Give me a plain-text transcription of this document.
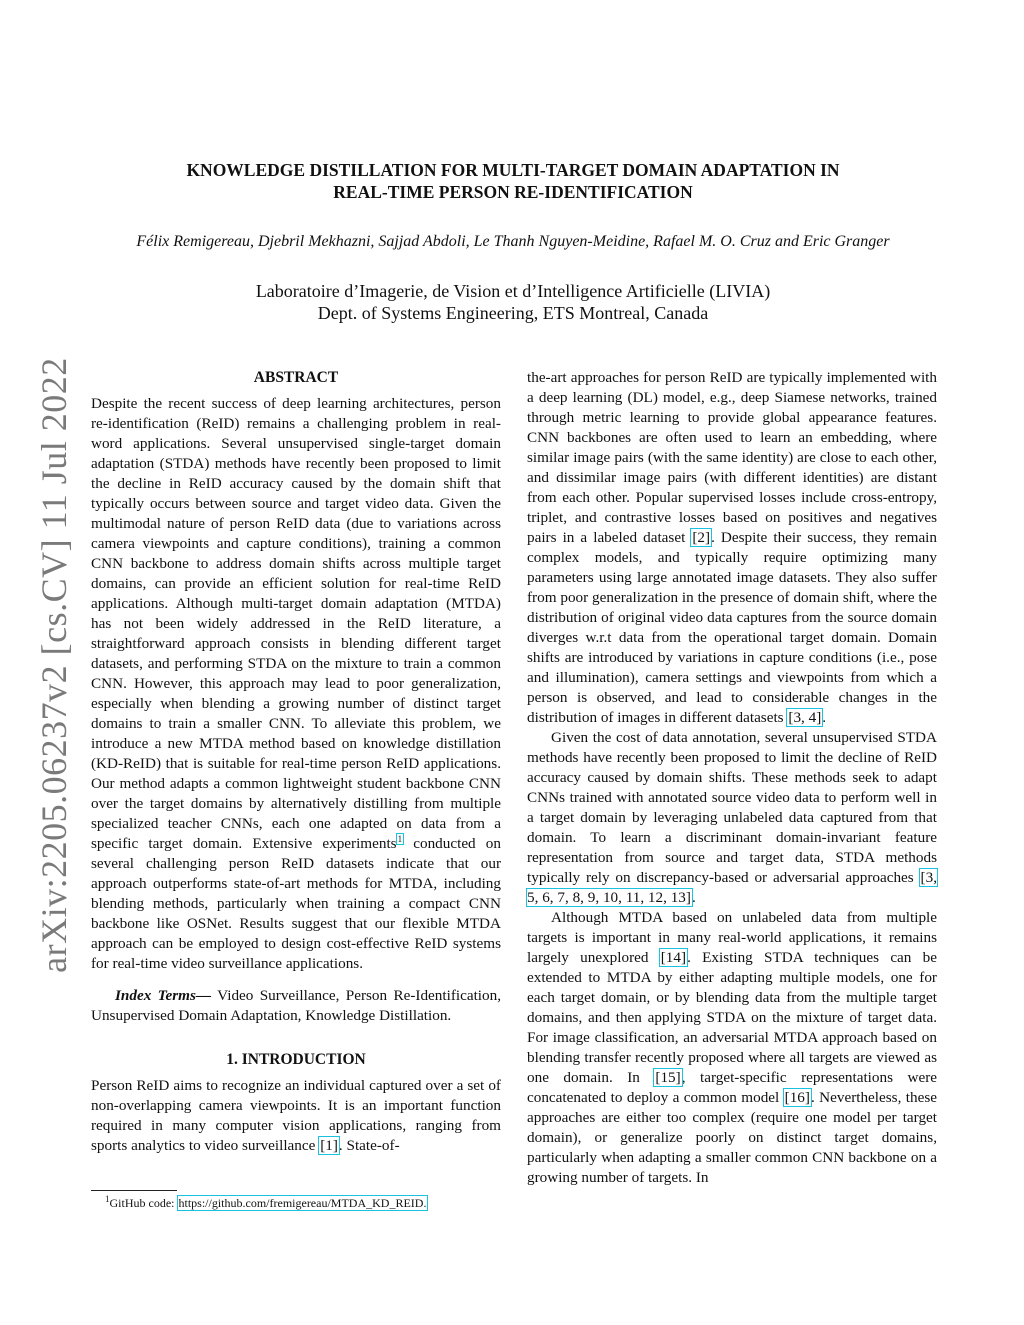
arXiv:2205.06237v2 [cs.CV] 11 Jul 2022
KNOWLEDGE DISTILLATION FOR MULTI-TARGET DOMAIN ADAPTATION IN
REAL-TIME PERSON RE-IDENTIFICATION
Félix Remigereau, Djebril Mekhazni, Sajjad Abdoli, Le Thanh Nguyen-Meidine, Rafael M. O. Cruz and Eric Granger
Laboratoire d’Imagerie, de Vision et d’Intelligence Artificielle (LIVIA)
Dept. of Systems Engineering, ETS Montreal, Canada
ABSTRACT

Despite the recent success of deep learning architectures, person re-identification (ReID) remains a challenging problem in real-word applications. Several unsupervised single-target domain adaptation (STDA) methods have recently been proposed to limit the decline in ReID accuracy caused by the domain shift that typically occurs between source and target video data. Given the multimodal nature of person ReID data (due to variations across camera viewpoints and capture conditions), training a common CNN backbone to address domain shifts across multiple target domains, can provide an efficient solution for real-time ReID applications. Although multi-target domain adaptation (MTDA) has not been widely addressed in the ReID literature, a straightforward approach consists in blending different target datasets, and performing STDA on the mixture to train a common CNN. However, this approach may lead to poor generalization, especially when blending a growing number of distinct target domains to train a smaller CNN. To alleviate this problem, we introduce a new MTDA method based on knowledge distillation (KD-ReID) that is suitable for real-time person ReID applications. Our method adapts a common lightweight student backbone CNN over the target domains by alternatively distilling from multiple specialized teacher CNNs, each one adapted on data from a specific target domain. Extensive experiments$^1$ conducted on several challenging person ReID datasets indicate that our approach outperforms state-of-art methods for MTDA, including blending methods, particularly when training a compact CNN backbone like OSNet. Results suggest that our flexible MTDA approach can be employed to design cost-effective ReID systems for real-time video surveillance applications.

Index Terms— Video Surveillance, Person Re-Identification, Unsupervised Domain Adaptation, Knowledge Distillation.

1. INTRODUCTION

Person ReID aims to recognize an individual captured over a set of non-overlapping camera viewpoints. It is an important function required in many computer vision applications, ranging from sports analytics to video surveillance [1]. State-of-

$^1$GitHub code: https://github.com/fremigereau/MTDA_KD_REID.

the-art approaches for person ReID are typically implemented with a deep learning (DL) model, e.g., deep Siamese networks, trained through metric learning to provide global appearance features. CNN backbones are often used to learn an embedding, where similar image pairs (with the same identity) are close to each other, and dissimilar image pairs (with different identities) are distant from each other. Popular supervised losses include cross-entropy, triplet, and contrastive losses based on positives and negatives pairs in a labeled dataset [2]. Despite their success, they remain complex models, and typically require optimizing many parameters using large annotated image datasets. They also suffer from poor generalization in the presence of domain shift, where the distribution of original video data captures from the source domain diverges w.r.t data from the operational target domain. Domain shifts are introduced by variations in capture conditions (i.e., pose and illumination), camera settings and viewpoints from which a person is observed, and lead to considerable changes in the distribution of images in different datasets [3, 4].

Given the cost of data annotation, several unsupervised STDA methods have recently been proposed to limit the decline of ReID accuracy caused by domain shifts. These methods seek to adapt CNNs trained with annotated source video data to perform well in a target domain by leveraging unlabeled data captured from that domain. To learn a discriminant domain-invariant feature representation from source and target data, STDA methods typically rely on discrepancy-based or adversarial approaches [3, 5, 6, 7, 8, 9, 10, 11, 12, 13].

Although MTDA based on unlabeled data from multiple targets is important in many real-world applications, it remains largely unexplored [14]. Existing STDA techniques can be extended to MTDA by either adapting multiple models, one for each target domain, or by blending data from the multiple target domains, and then applying STDA on the mixture of target data. For image classification, an adversarial MTDA approach based on blending transfer recently proposed where all targets are viewed as one domain. In [15], target-specific representations were concatenated to deploy a common model [16]. Nevertheless, these approaches are either too complex (require one model per target domain), or generalize poorly on distinct target domains, particularly when adapting a smaller common CNN backbone on a growing number of targets. In
